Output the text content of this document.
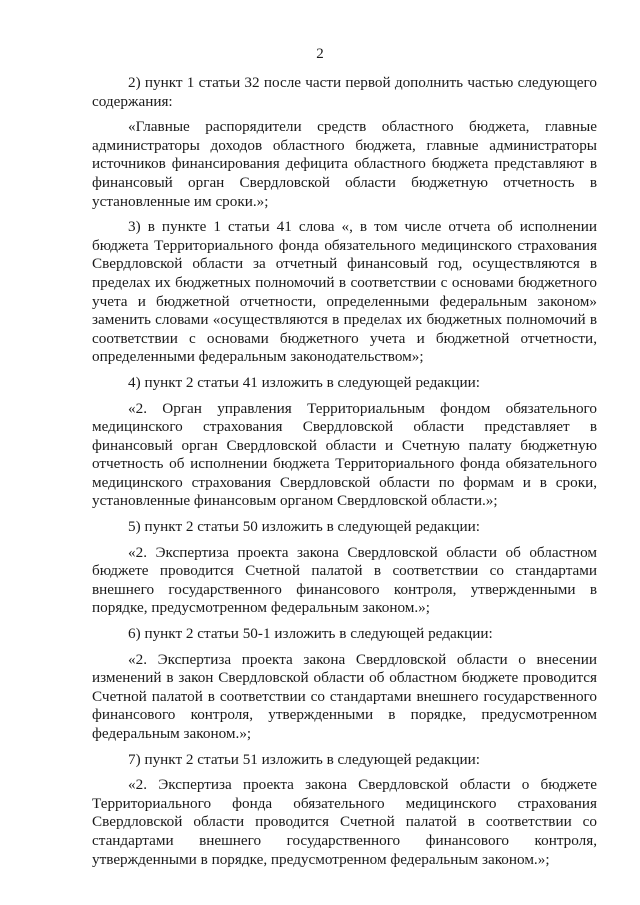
2

2) пункт 1 статьи 32 после части первой дополнить частью следующего содержания:

«Главные распорядители средств областного бюджета, главные администраторы доходов областного бюджета, главные администраторы источников финансирования дефицита областного бюджета представляют в финансовый орган Свердловской области бюджетную отчетность в установленные им сроки.»;

3) в пункте 1 статьи 41 слова «, в том числе отчета об исполнении бюджета Территориального фонда обязательного медицинского страхования Свердловской области за отчетный финансовый год, осуществляются в пределах их бюджетных полномочий в соответствии с основами бюджетного учета и бюджетной отчетности, определенными федеральным законом» заменить словами «осуществляются в пределах их бюджетных полномочий в соответствии с основами бюджетного учета и бюджетной отчетности, определенными федеральным законодательством»;

4) пункт 2 статьи 41 изложить в следующей редакции:

«2. Орган управления Территориальным фондом обязательного медицинского страхования Свердловской области представляет в финансовый орган Свердловской области и Счетную палату бюджетную отчетность об исполнении бюджета Территориального фонда обязательного медицинского страхования Свердловской области по формам и в сроки, установленные финансовым органом Свердловской области.»;

5) пункт 2 статьи 50 изложить в следующей редакции:

«2. Экспертиза проекта закона Свердловской области об областном бюджете проводится Счетной палатой в соответствии со стандартами внешнего государственного финансового контроля, утвержденными в порядке, предусмотренном федеральным законом.»;

6) пункт 2 статьи 50-1 изложить в следующей редакции:

«2. Экспертиза проекта закона Свердловской области о внесении изменений в закон Свердловской области об областном бюджете проводится Счетной палатой в соответствии со стандартами внешнего государственного финансового контроля, утвержденными в порядке, предусмотренном федеральным законом.»;

7) пункт 2 статьи 51 изложить в следующей редакции:

«2. Экспертиза проекта закона Свердловской области о бюджете Территориального фонда обязательного медицинского страхования Свердловской области проводится Счетной палатой в соответствии со стандартами внешнего государственного финансового контроля, утвержденными в порядке, предусмотренном федеральным законом.»;
